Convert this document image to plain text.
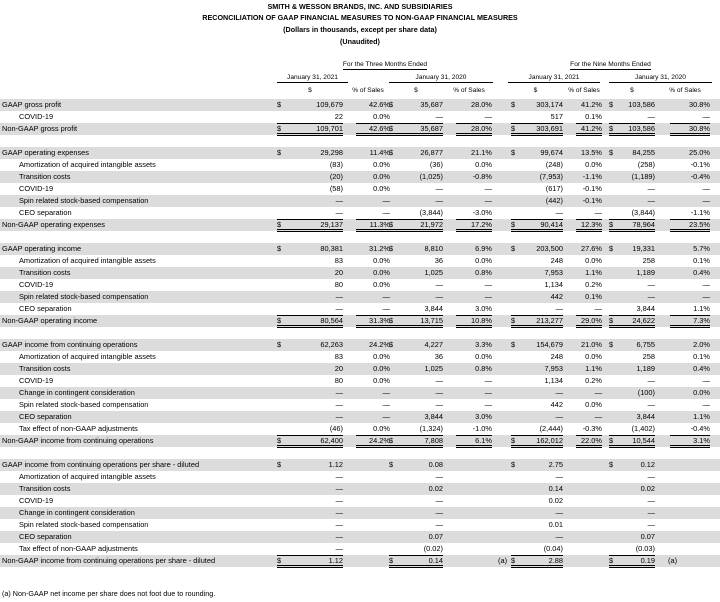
SMITH & WESSON BRANDS, INC. AND SUBSIDIARIES
RECONCILIATION OF GAAP FINANCIAL MEASURES TO NON-GAAP FINANCIAL MEASURES
(Dollars in thousands, except per share data)
(Unaudited)
For the Three Months Ended	For the Nine Months Ended
January 31, 2021	January 31, 2020	January 31, 2021	January 31, 2020
$	% of Sales	$	% of Sales	$	% of Sales	$	% of Sales
GAAP gross profit	$	109,679	42.6% $	35,687	28.0%	$	303,174	41.2% $	103,586	30.8%
COVID-19	22	0.0%	—	—	517	0.1%	—	—
Non-GAAP gross profit	$	109,701	42.6% $	35,687	28.0%	$	303,691	41.2% $	103,586	30.8%
GAAP operating expenses	$	29,298	11.4% $	26,877	21.1%	$	99,674	13.5% $	84,255	25.0%
Amortization of acquired intangible assets	(83)	0.0%	(36)	0.0%	(248)	0.0%	(258)	-0.1%
Transition costs	(20)	0.0%	(1,025)	-0.8%	(7,953)	-1.1%	(1,189)	-0.4%
COVID-19	(58)	0.0%	—	—	(617)	-0.1%	—	—
Spin related stock-based compensation	—	—	—	—	(442)	-0.1%	—	—
CEO separation	—	—	(3,844)	-3.0%	—	—	(3,844)	-1.1%
Non-GAAP operating expenses	$	29,137	11.3% $	21,972	17.2%	$	90,414	12.3% $	78,964	23.5%
GAAP operating income	$	80,381	31.2% $	8,810	6.9%	$	203,500	27.6% $	19,331	5.7%
Amortization of acquired intangible assets	83	0.0%	36	0.0%	248	0.0%	258	0.1%
Transition costs	20	0.0%	1,025	0.8%	7,953	1.1%	1,189	0.4%
COVID-19	80	0.0%	—	—	1,134	0.2%	—	—
Spin related stock-based compensation	—	—	—	—	442	0.1%	—	—
CEO separation	—	—	3,844	3.0%	—	—	3,844	1.1%
Non-GAAP operating income	$	80,564	31.3% $	13,715	10.8%	$	213,277	29.0% $	24,622	7.3%
GAAP income from continuing operations	$	62,263	24.2% $	4,227	3.3%	$	154,679	21.0% $	6,755	2.0%
Amortization of acquired intangible assets	83	0.0%	36	0.0%	248	0.0%	258	0.1%
Transition costs	20	0.0%	1,025	0.8%	7,953	1.1%	1,189	0.4%
COVID-19	80	0.0%	—	—	1,134	0.2%	—	—
Change in contingent consideration	—	—	—	—	—	—	(100)	0.0%
Spin related stock-based compensation	—	—	—	—	442	0.0%	—	—
CEO separation	—	—	3,844	3.0%	—	—	3,844	1.1%
Tax effect of non-GAAP adjustments	(46)	0.0%	(1,324)	-1.0%	(2,444)	-0.3%	(1,402)	-0.4%
Non-GAAP income from continuing operations	$	62,400	24.2% $	7,808	6.1%	$	162,012	22.0% $	10,544	3.1%
GAAP income from continuing operations per share - diluted	$	1.12	$	0.08	$	2.75	$	0.12
Amortization of acquired intangible assets	—	—	—	—
Transition costs	—	0.02	0.14	0.02
COVID-19	—	—	0.02	—
Change in contingent consideration	—	—	—	—
Spin related stock-based compensation	—	—	0.01	—
CEO separation	—	0.07	—	0.07
Tax effect of non-GAAP adjustments	—	(0.02)	(0.04)	(0.03)
Non-GAAP income from continuing operations per share - diluted	$	1.12	$	0.14	(a) $	2.88	$	0.19 (a)
(a) Non-GAAP net income per share does not foot due to rounding.
